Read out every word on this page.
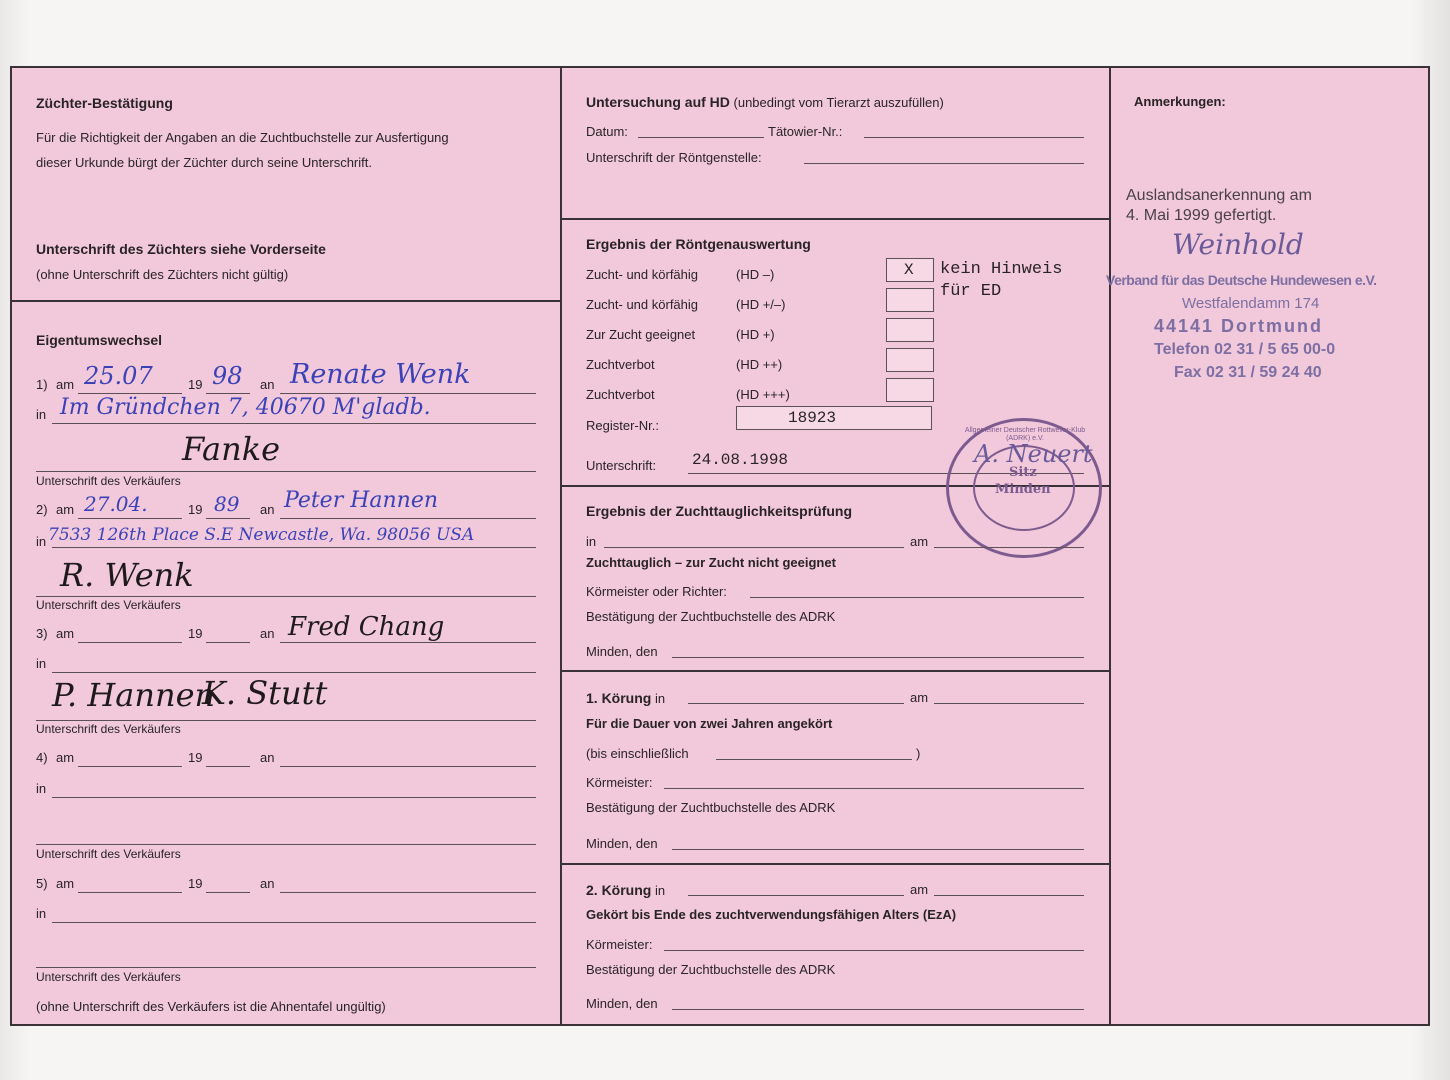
Züchter-Bestätigung
Für die Richtigkeit der Angaben an die Zuchtbuchstelle zur Ausfertigung
dieser Urkunde bürgt der Züchter durch seine Unterschrift.
Unterschrift des Züchters siehe Vorderseite
(ohne Unterschrift des Züchters nicht gültig)
Eigentumswechsel
1) am 25.07	19 98 an Renate Wenk
in Im Gründchen 7, 40670 M'gladb.
Fanke
Unterschrift des Verkäufers
2) am 27.04.	19 89 an Peter Hannen
in 7533 126th Place S.E Newcastle, Wa. 98056 USA
R. Wenk
Unterschrift des Verkäufers
3) am	19	an Fred Chang
in
P. Hannen
K. Stutt
Unterschrift des Verkäufers
4) am	19	an
in
Unterschrift des Verkäufers
5) am	19	an
in
Unterschrift des Verkäufers
(ohne Unterschrift des Verkäufers ist die Ahnentafel ungültig)
Untersuchung auf HD (unbedingt vom Tierarzt auszufüllen)
Datum:	Tätowier-Nr.:
Unterschrift der Röntgenstelle:
Ergebnis der Röntgenauswertung
Zucht- und körfähig	(HD –)	X
Zucht- und körfähig	(HD +/–)
Zur Zucht geeignet	(HD +)
Zuchtverbot	(HD ++)
Zuchtverbot	(HD +++)
kein Hinweis
für ED
Register-Nr.:	18923
Unterschrift: 24.08.1998
Allgemeiner Deutscher Rottweiler-Klub (ADRK) e.V.
Sitz
Minden
A. Neuert
Ergebnis der Zuchttauglichkeitsprüfung
in	am
Zuchttauglich – zur Zucht nicht geeignet
Körmeister oder Richter:
Bestätigung der Zuchtbuchstelle des ADRK
Minden, den
1. Körung in	am
Für die Dauer von zwei Jahren angekört
(bis einschließlich	)
Körmeister:
Bestätigung der Zuchtbuchstelle des ADRK
Minden, den
2. Körung in	am
Gekört bis Ende des zuchtverwendungsfähigen Alters (EzA)
Körmeister:
Bestätigung der Zuchtbuchstelle des ADRK
Minden, den
Anmerkungen:
Auslandsanerkennung am
4. Mai 1999 gefertigt.
Weinhold
Verband für das Deutsche Hundewesen e.V.
Westfalendamm 174
44141 Dortmund
Telefon 02 31 / 5 65 00-0
Fax 02 31 / 59 24 40
